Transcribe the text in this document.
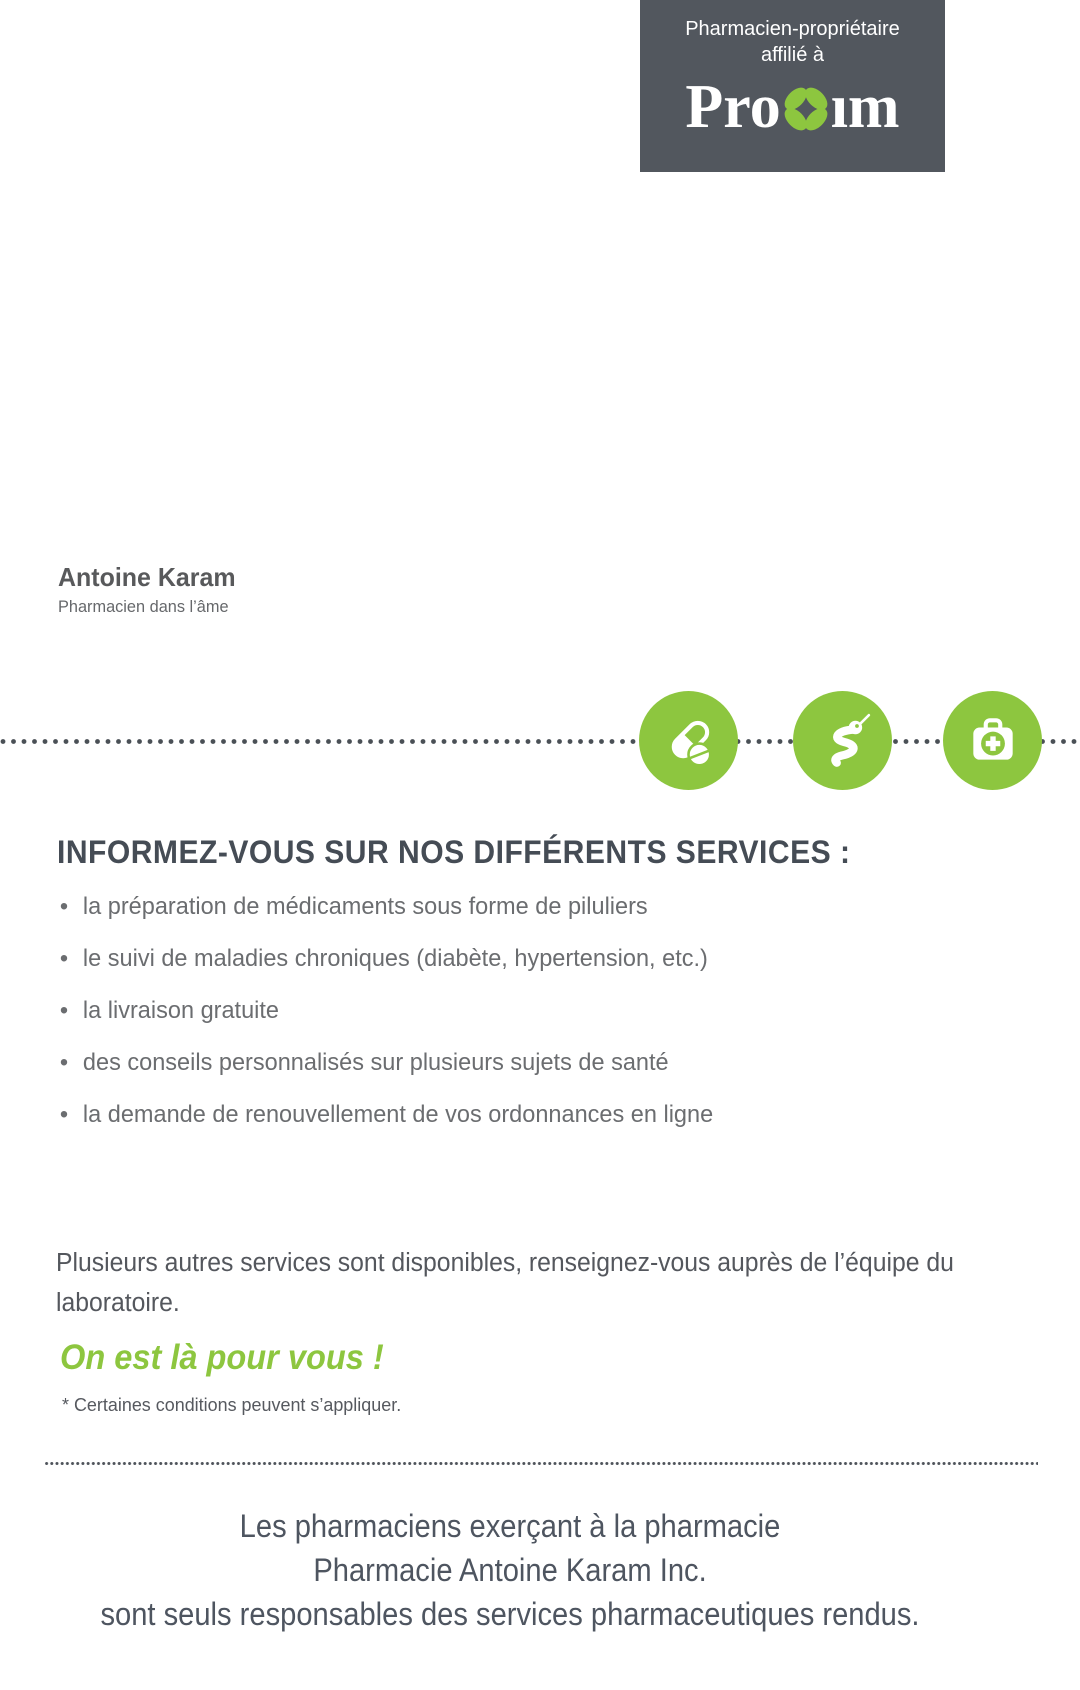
Pharmacien-propriétaire
affilié à
Pro ım
Antoine Karam
Pharmacien dans l’âme
INFORMEZ-VOUS SUR NOS DIFFÉRENTS SERVICES :
• la préparation de médicaments sous forme de piluliers
• le suivi de maladies chroniques (diabète, hypertension, etc.)
• la livraison gratuite
• des conseils personnalisés sur plusieurs sujets de santé
• la demande de renouvellement de vos ordonnances en ligne
Plusieurs autres services sont disponibles, renseignez-vous auprès de l’équipe du laboratoire.
On est là pour vous !
* Certaines conditions peuvent s’appliquer.
Les pharmaciens exerçant à la pharmacie
Pharmacie Antoine Karam Inc.
sont seuls responsables des services pharmaceutiques rendus.
